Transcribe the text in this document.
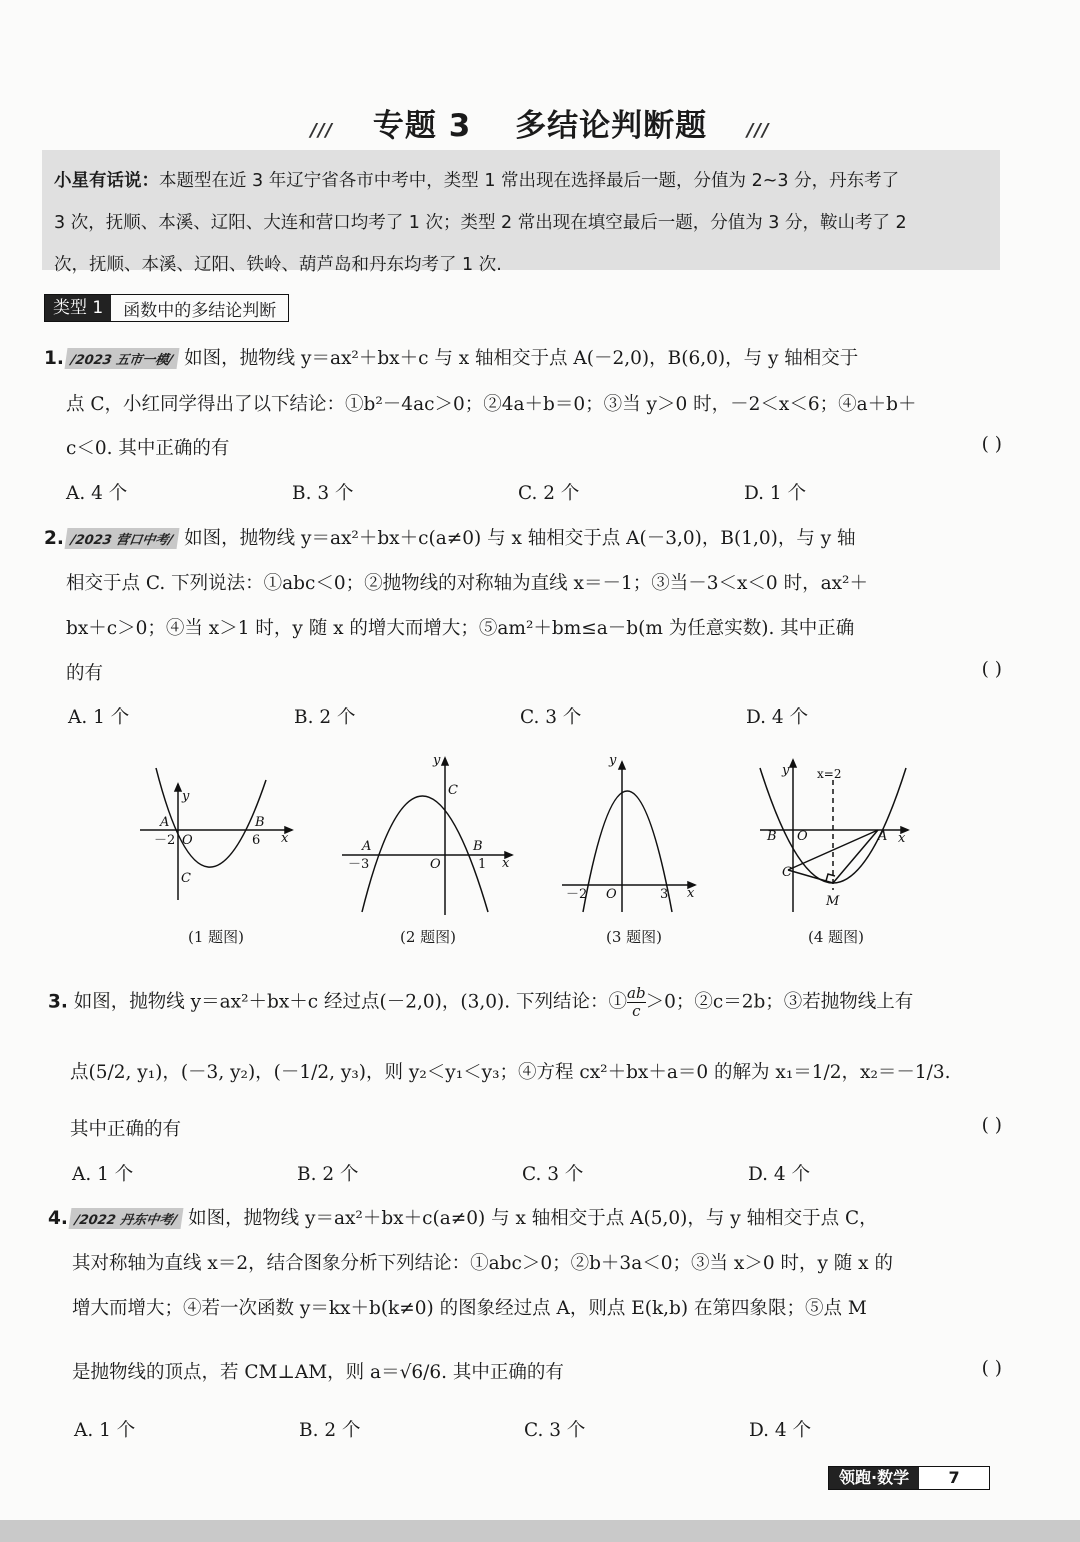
/// 专题 3 多结论判断题 ///
小星有话说：本题型在近 3 年辽宁省各市中考中，类型 1 常出现在选择最后一题，分值为 2~3 分，丹东考了
3 次，抚顺、本溪、辽阳、大连和营口均考了 1 次；类型 2 常出现在填空最后一题，分值为 3 分，鞍山考了 2
次，抚顺、本溪、辽阳、铁岭、葫芦岛和丹东均考了 1 次.
类型 1	函数中的多结论判断
1. /2023 五市一模/ 如图，抛物线 y＝ax²＋bx＋c 与 x 轴相交于点 A(－2,0)，B(6,0)，与 y 轴相交于
点 C，小红同学得出了以下结论：①b²－4ac＞0；②4a＋b＝0；③当 y＞0 时，－2＜x＜6；④a＋b＋
c＜0. 其中正确的有	( )
A. 4 个	B. 3 个	C. 2 个	D. 1 个
2. /2023 营口中考/ 如图，抛物线 y＝ax²＋bx＋c(a≠0) 与 x 轴相交于点 A(－3,0)，B(1,0)，与 y 轴
相交于点 C. 下列说法：①abc＜0；②抛物线的对称轴为直线 x＝－1；③当－3＜x＜0 时，ax²＋
bx＋c＞0；④当 x＞1 时，y 随 x 的增大而增大；⑤am²＋bm≤a－b(m 为任意实数). 其中正确
的有	( )
A. 1 个	B. 2 个	C. 3 个	D. 4 个
y
x
A	B
O
C
－2	6
y
x
A	B
C
O
－3	1
y
x
O
－2	3
y
x
x=2
B O	A
C
M
(1 题图)	(2 题图)	(3 题图)	(4 题图)
3. 如图，抛物线 y＝ax²＋bx＋c 经过点(－2,0)，(3,0). 下列结论：① $\frac{ab}{c} >0$；②c＝2b；③若抛物线上有
点(5/2, y₁)，(－3, y₂)，(－1/2, y₃)，则 y₂＜y₁＜y₃；④方程 cx²＋bx＋a＝0 的解为 x₁＝1/2，x₂＝－1/3.
其中正确的有	( )
A. 1 个	B. 2 个	C. 3 个	D. 4 个
4. /2022 丹东中考/ 如图，抛物线 y＝ax²＋bx＋c(a≠0) 与 x 轴相交于点 A(5,0)，与 y 轴相交于点 C，
其对称轴为直线 x＝2，结合图象分析下列结论：①abc＞0；②b＋3a＜0；③当 x＞0 时，y 随 x 的
增大而增大；④若一次函数 y＝kx＋b(k≠0) 的图象经过点 A，则点 E(k,b) 在第四象限；⑤点 M
是抛物线的顶点，若 CM⊥AM，则 a＝√6/6. 其中正确的有	( )
A. 1 个	B. 2 个	C. 3 个	D. 4 个
领跑·数学	7
